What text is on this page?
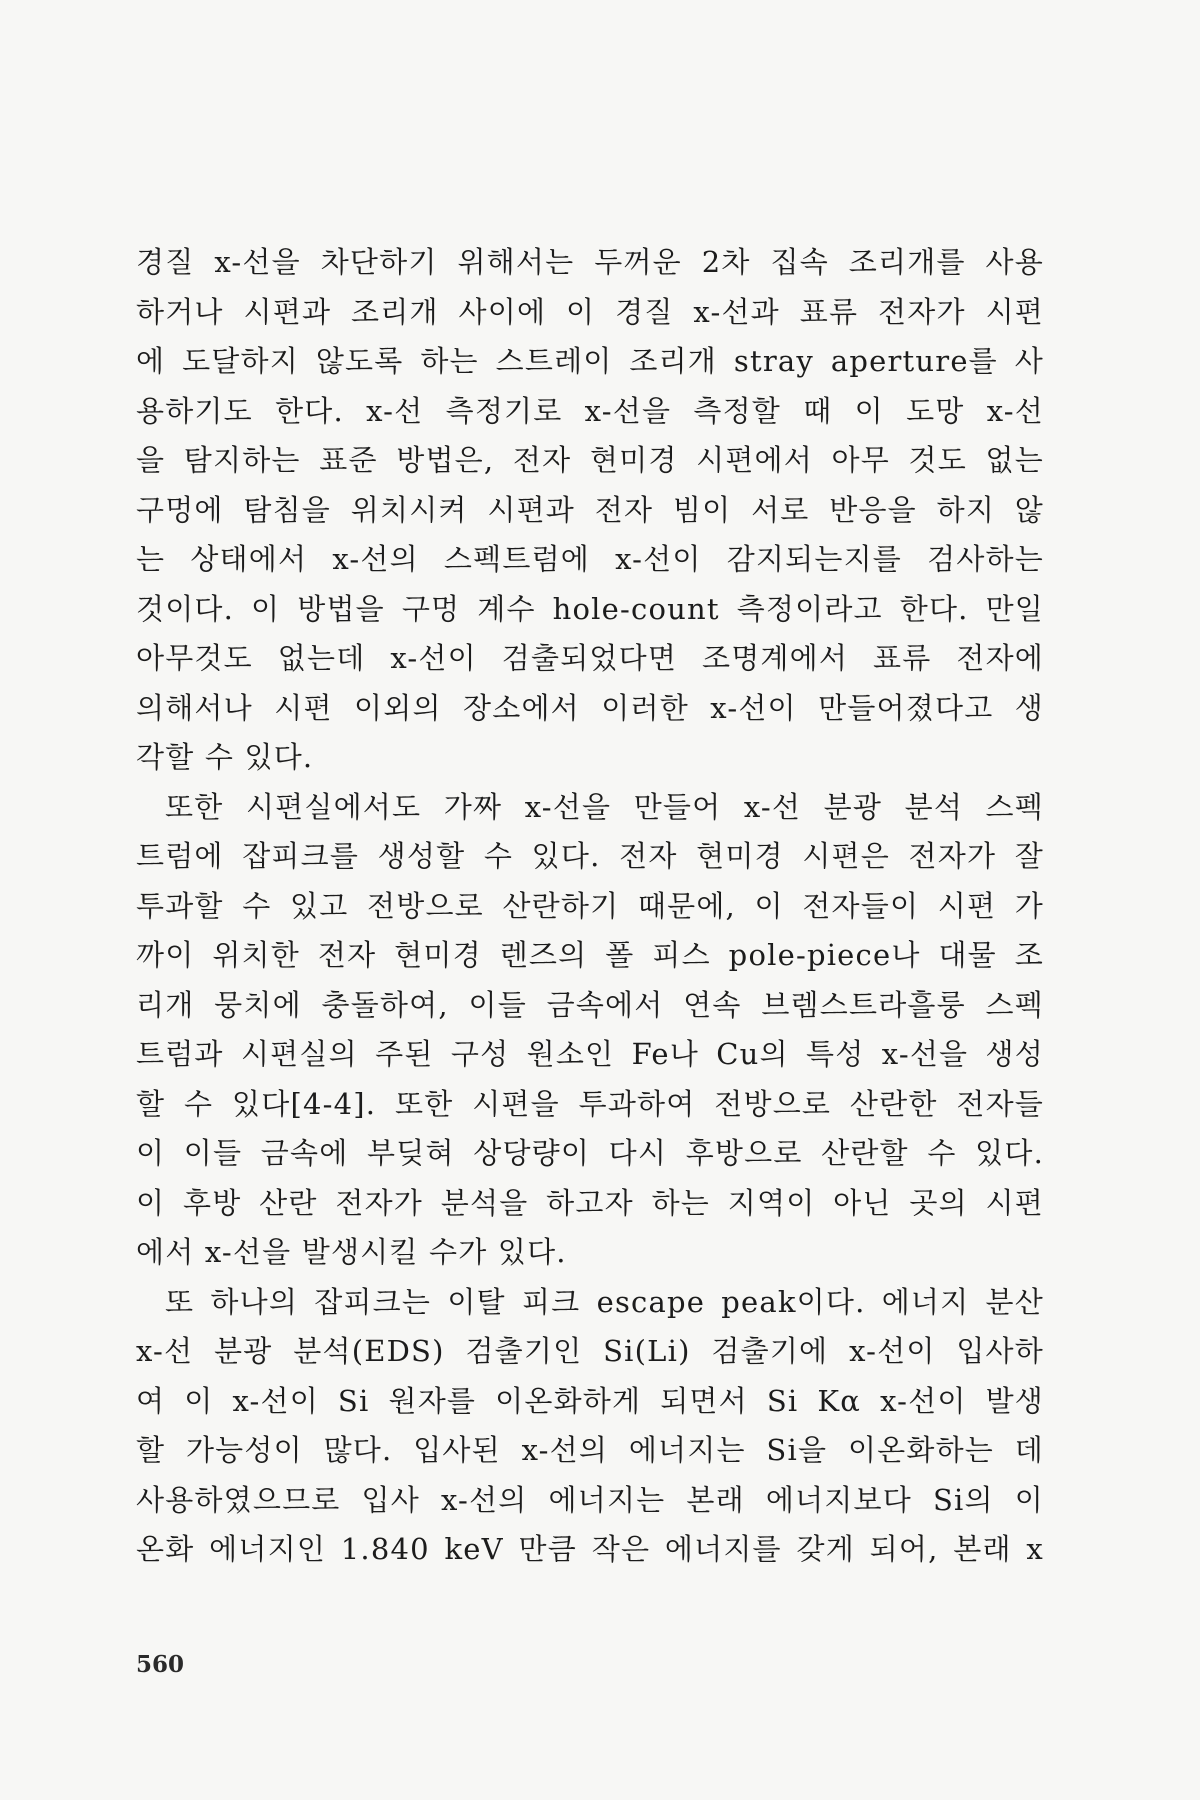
경질 x-선을 차단하기 위해서는 두꺼운 2차 집속 조리개를 사용
하거나 시편과 조리개 사이에 이 경질 x-선과 표류 전자가 시편
에 도달하지 않도록 하는 스트레이 조리개 stray aperture를 사
용하기도 한다. x-선 측정기로 x-선을 측정할 때 이 도망 x-선
을 탐지하는 표준 방법은, 전자 현미경 시편에서 아무 것도 없는
구멍에 탐침을 위치시켜 시편과 전자 빔이 서로 반응을 하지 않
는 상태에서 x-선의 스펙트럼에 x-선이 감지되는지를 검사하는
것이다. 이 방법을 구멍 계수 hole-count 측정이라고 한다. 만일
아무것도 없는데 x-선이 검출되었다면 조명계에서 표류 전자에
의해서나 시편 이외의 장소에서 이러한 x-선이 만들어졌다고 생
각할 수 있다.
또한 시편실에서도 가짜 x-선을 만들어 x-선 분광 분석 스펙
트럼에 잡피크를 생성할 수 있다. 전자 현미경 시편은 전자가 잘
투과할 수 있고 전방으로 산란하기 때문에, 이 전자들이 시편 가
까이 위치한 전자 현미경 렌즈의 폴 피스 pole-piece나 대물 조
리개 뭉치에 충돌하여, 이들 금속에서 연속 브렘스트라흘룽 스펙
트럼과 시편실의 주된 구성 원소인 Fe나 Cu의 특성 x-선을 생성
할 수 있다[4-4]. 또한 시편을 투과하여 전방으로 산란한 전자들
이 이들 금속에 부딪혀 상당량이 다시 후방으로 산란할 수 있다.
이 후방 산란 전자가 분석을 하고자 하는 지역이 아닌 곳의 시편
에서 x-선을 발생시킬 수가 있다.
또 하나의 잡피크는 이탈 피크 escape peak이다. 에너지 분산
x-선 분광 분석(EDS) 검출기인 Si(Li) 검출기에 x-선이 입사하
여 이 x-선이 Si 원자를 이온화하게 되면서 Si Kα x-선이 발생
할 가능성이 많다. 입사된 x-선의 에너지는 Si을 이온화하는 데
사용하였으므로 입사 x-선의 에너지는 본래 에너지보다 Si의 이
온화 에너지인 1.840 keV 만큼 작은 에너지를 갖게 되어, 본래 x
560
